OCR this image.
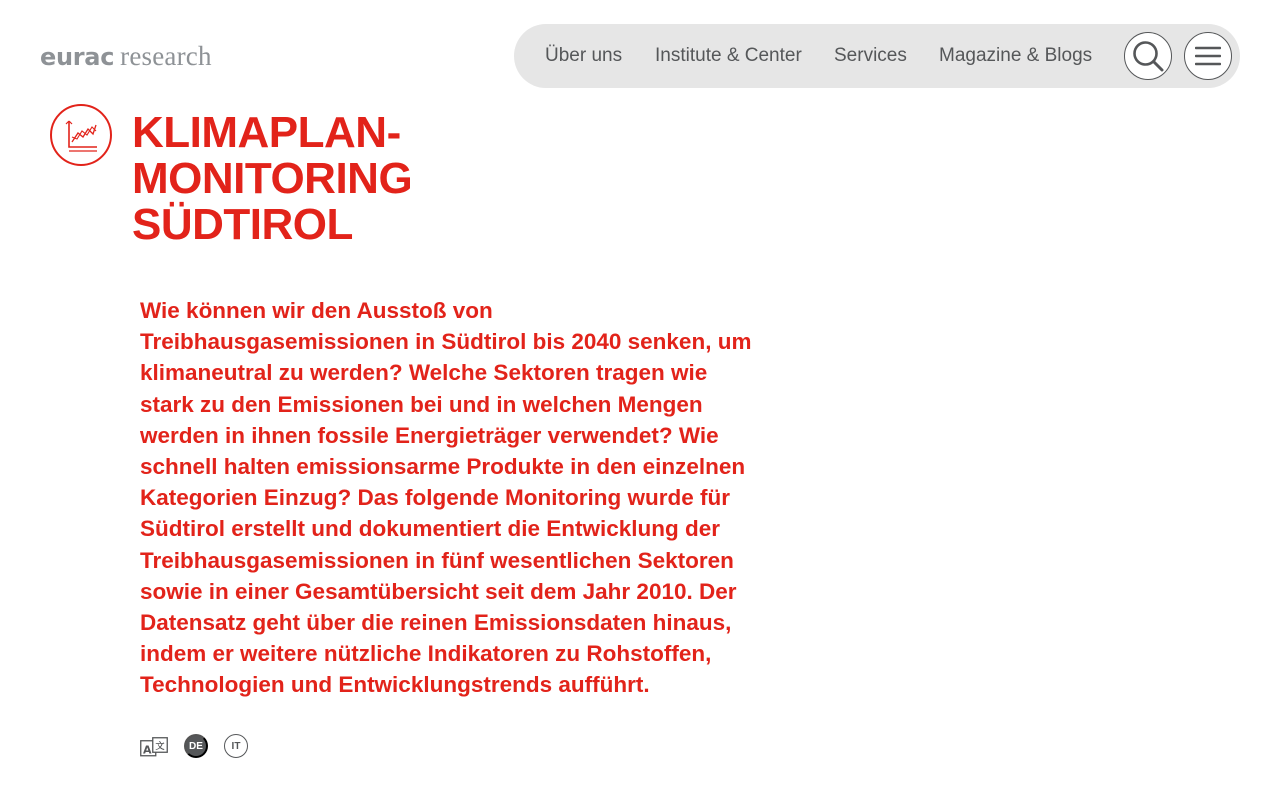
eurac research	Über uns Institute & Center Services Magazine & Blogs
KLIMAPLAN-
MONITORING
SÜDTIROL

Wie können wir den Ausstoß von
Treibhausgasemissionen in Südtirol bis 2040 senken, um
klimaneutral zu werden? Welche Sektoren tragen wie
stark zu den Emissionen bei und in welchen Mengen
werden in ihnen fossile Energieträger verwendet? Wie
schnell halten emissionsarme Produkte in den einzelnen
Kategorien Einzug? Das folgende Monitoring wurde für
Südtirol erstellt und dokumentiert die Entwicklung der
Treibhausgasemissionen in fünf wesentlichen Sektoren
sowie in einer Gesamtübersicht seit dem Jahr 2010. Der
Datensatz geht über die reinen Emissionsdaten hinaus,
indem er weitere nützliche Indikatoren zu Rohstoffen,
Technologien und Entwicklungstrends aufführt.

A 文	DE	IT
